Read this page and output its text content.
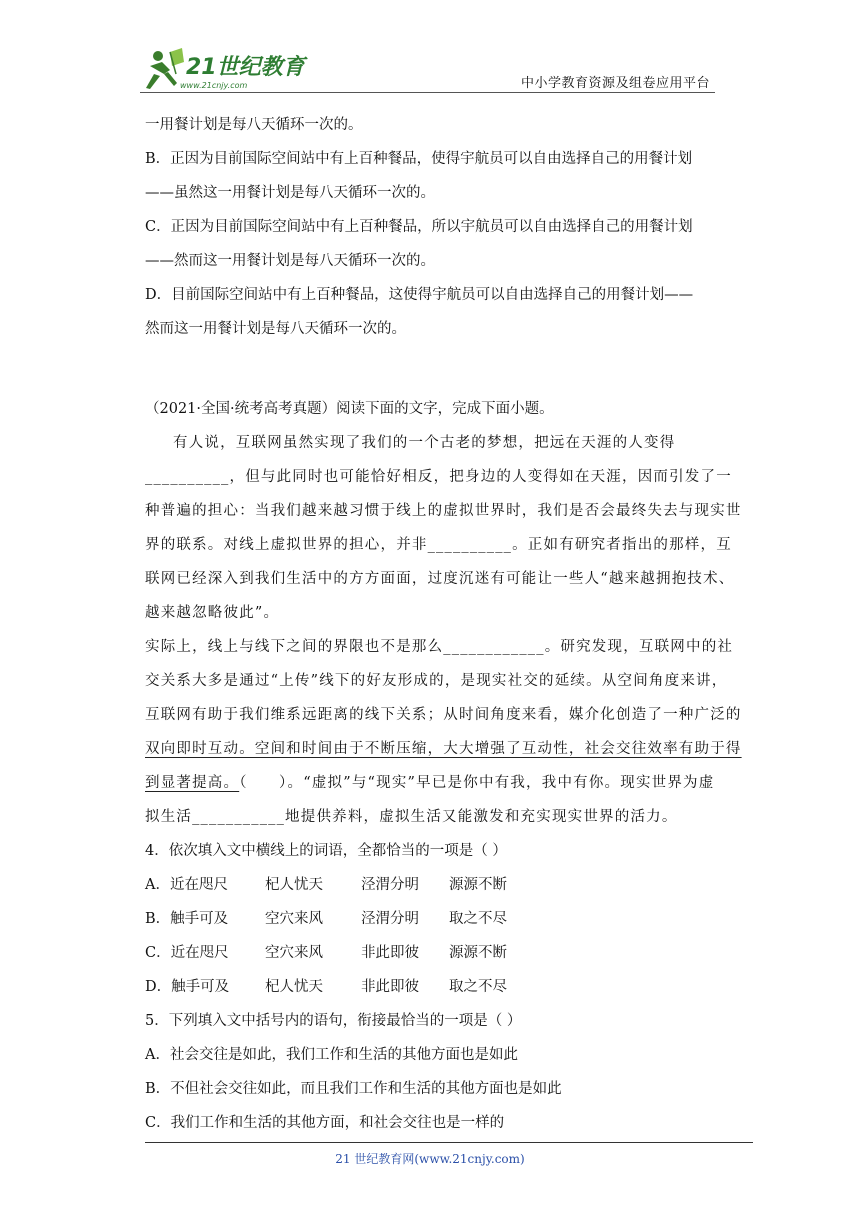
21世纪教育
www.21cnjy.com	中小学教育资源及组卷应用平台

一用餐计划是每八天循环一次的。

B．正因为目前国际空间站中有上百种餐品，使得宇航员可以自由选择自己的用餐计划

——虽然这一用餐计划是每八天循环一次的。

C．正因为目前国际空间站中有上百种餐品，所以宇航员可以自由选择自己的用餐计划

——然而这一用餐计划是每八天循环一次的。

D．目前国际空间站中有上百种餐品，这使得宇航员可以自由选择自己的用餐计划——

然而这一用餐计划是每八天循环一次的。

（2021·全国·统考高考真题）阅读下面的文字，完成下面小题。

有人说，互联网虽然实现了我们的一个古老的梦想，把远在天涯的人变得

__________，但与此同时也可能恰好相反，把身边的人变得如在天涯，因而引发了一

种普遍的担心：当我们越来越习惯于线上的虚拟世界时，我们是否会最终失去与现实世

界的联系。对线上虚拟世界的担心，并非__________。正如有研究者指出的那样，互

联网已经深入到我们生活中的方方面面，过度沉迷有可能让一些人“越来越拥抱技术、

越来越忽略彼此”。

实际上，线上与线下之间的界限也不是那么____________。研究发现，互联网中的社

交关系大多是通过“上传”线下的好友形成的，是现实社交的延续。从空间角度来讲，

互联网有助于我们维系远距离的线下关系；从时间角度来看，媒介化创造了一种广泛的

双向即时互动。空间和时间由于不断压缩，大大增强了互动性，社会交往效率有助于得

到显著提高。（　　）。“虚拟”与“现实”早已是你中有我，我中有你。现实世界为虚

拟生活___________地提供养料，虚拟生活又能激发和充实现实世界的活力。

4．依次填入文中横线上的词语，全都恰当的一项是（ ）

A．近在咫尺	杞人忧天	泾渭分明	源源不断
B．触手可及	空穴来风	泾渭分明	取之不尽
C．近在咫尺	空穴来风	非此即彼	源源不断
D．触手可及	杞人忧天	非此即彼	取之不尽

5．下列填入文中括号内的语句，衔接最恰当的一项是（ ）

A．社会交往是如此，我们工作和生活的其他方面也是如此

B．不但社会交往如此，而且我们工作和生活的其他方面也是如此

C．我们工作和生活的其他方面，和社会交往也是一样的

21 世纪教育网(www.21cnjy.com)
